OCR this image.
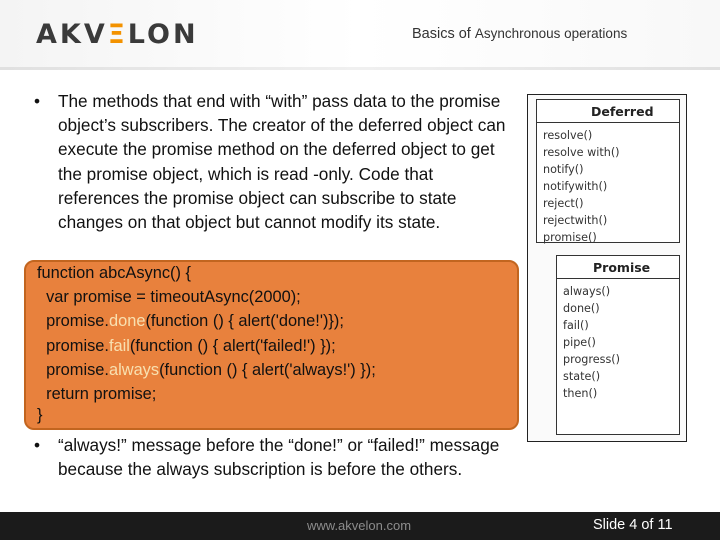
AKVΞLON	Basics of Asynchronous operations
• The methods that end with “with” pass data to the promise object’s subscribers. The creator of the deferred object can execute the promise method on the deferred object to get the promise object, which is read -only. Code that references the promise object can subscribe to state changes on that object but cannot modify its state.
function abcAsync() {
var promise = timeoutAsync(2000);
promise.done(function () { alert('done!')});
promise.fail(function () { alert('failed!') });
promise.always(function () { alert('always!') });
return promise;
}
• “always!” message before the “done!” or “failed!” message because the always subscription is before the others.
Deferred
resolve()
resolve with()
notify()
notifywith()
reject()
rejectwith()
promise()
Promise
always()
done()
fail()
pipe()
progress()
state()
then()
www.akvelon.com	Slide 4 of 11
